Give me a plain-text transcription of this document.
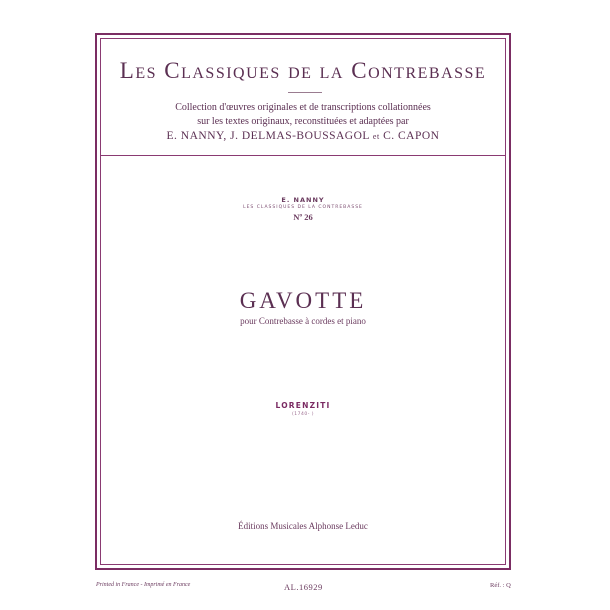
Les Classiques de la Contrebasse
Collection d'œuvres originales et de transcriptions collationnées
sur les textes originaux, reconstituées et adaptées par
E. NANNY, J. DELMAS-BOUSSAGOL et C. CAPON
E. NANNY
LES CLASSIQUES DE LA CONTREBASSE
Nº 26
GAVOTTE
pour Contrebasse à cordes et piano
LORENZITI
(1740- )
Éditions Musicales Alphonse Leduc
Printed in France - Imprimé en France	AL.16929	Réf. : Q
